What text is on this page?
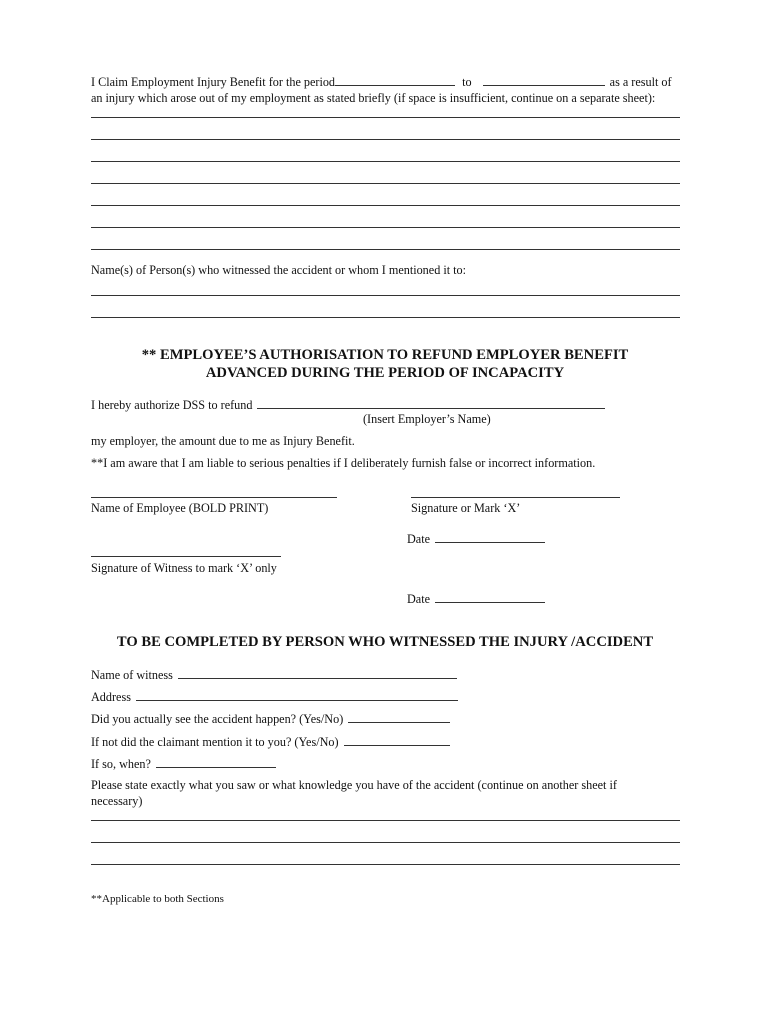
I Claim Employment Injury Benefit for the period	to	as a result of
an injury which arose out of my employment as stated briefly (if space is insufficient, continue on a separate sheet):
Name(s) of Person(s) who witnessed the accident or whom I mentioned it to:
** EMPLOYEE’S AUTHORISATION TO REFUND EMPLOYER BENEFIT
ADVANCED DURING THE PERIOD OF INCAPACITY
I hereby authorize DSS to refund
(Insert Employer’s Name)
my employer, the amount due to me as Injury Benefit.
**I am aware that I am liable to serious penalties if I deliberately furnish false or incorrect information.
Name of Employee (BOLD PRINT)	Signature or Mark ‘X’
Date
Signature of Witness to mark ‘X’ only
Date
TO BE COMPLETED BY PERSON WHO WITNESSED THE INJURY /ACCIDENT
Name of witness
Address
Did you actually see the accident happen? (Yes/No)
If not did the claimant mention it to you? (Yes/No)
If so, when?
Please state exactly what you saw or what knowledge you have of the accident (continue on another sheet if
necessary)
**Applicable to both Sections
